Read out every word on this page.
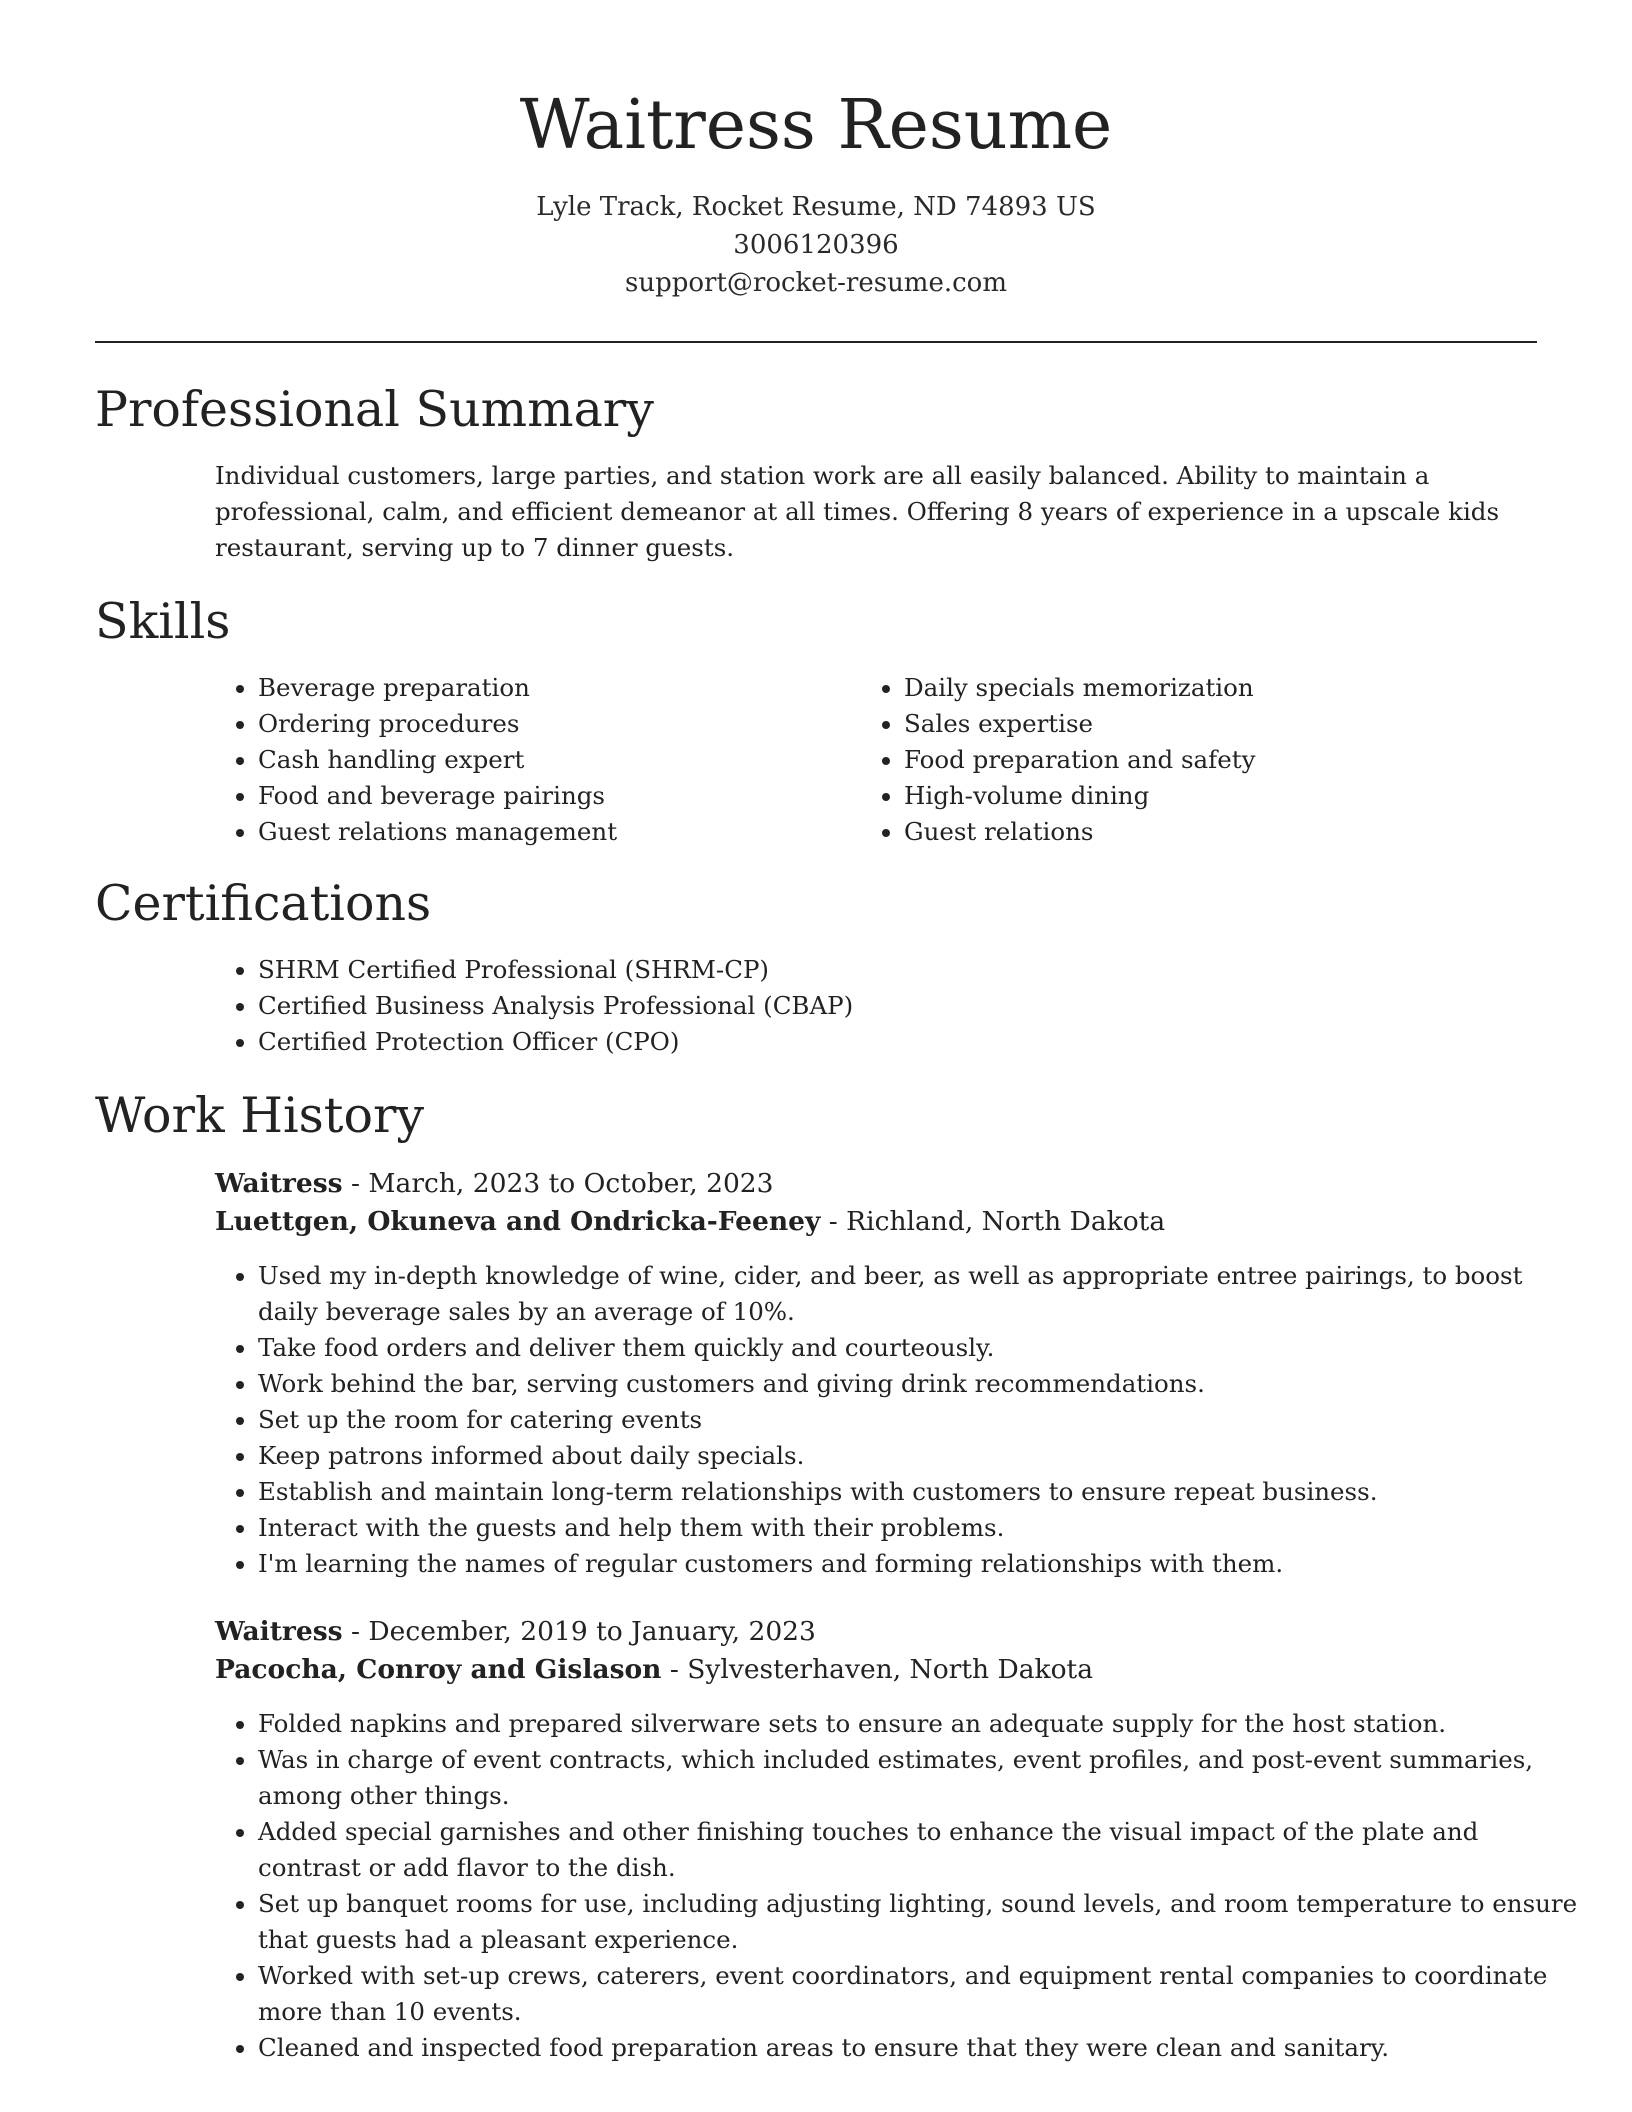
Waitress Resume
Lyle Track, Rocket Resume, ND 74893 US
3006120396
support@rocket-resume.com
Professional Summary

Individual customers, large parties, and station work are all easily balanced. Ability to maintain a professional, calm, and efficient demeanor at all times. Offering 8 years of experience in a upscale kids restaurant, serving up to 7 dinner guests.

Skills
• Beverage preparation
• Ordering procedures
• Cash handling expert
• Food and beverage pairings
• Guest relations management
• Daily specials memorization
• Sales expertise
• Food preparation and safety
• High-volume dining
• Guest relations
Certifications
• SHRM Certified Professional (SHRM-CP)
• Certified Business Analysis Professional (CBAP)
• Certified Protection Officer (CPO)
Work History
Waitress - March, 2023 to October, 2023
Luettgen, Okuneva and Ondricka-Feeney - Richland, North Dakota
• Used my in-depth knowledge of wine, cider, and beer, as well as appropriate entree pairings, to boost daily beverage sales by an average of 10%.
• Take food orders and deliver them quickly and courteously.
• Work behind the bar, serving customers and giving drink recommendations.
• Set up the room for catering events
• Keep patrons informed about daily specials.
• Establish and maintain long-term relationships with customers to ensure repeat business.
• Interact with the guests and help them with their problems.
• I'm learning the names of regular customers and forming relationships with them.
Waitress - December, 2019 to January, 2023
Pacocha, Conroy and Gislason - Sylvesterhaven, North Dakota
• Folded napkins and prepared silverware sets to ensure an adequate supply for the host station.
• Was in charge of event contracts, which included estimates, event profiles, and post-event summaries, among other things.
• Added special garnishes and other finishing touches to enhance the visual impact of the plate and contrast or add flavor to the dish.
• Set up banquet rooms for use, including adjusting lighting, sound levels, and room temperature to ensure that guests had a pleasant experience.
• Worked with set-up crews, caterers, event coordinators, and equipment rental companies to coordinate more than 10 events.
• Cleaned and inspected food preparation areas to ensure that they were clean and sanitary.
